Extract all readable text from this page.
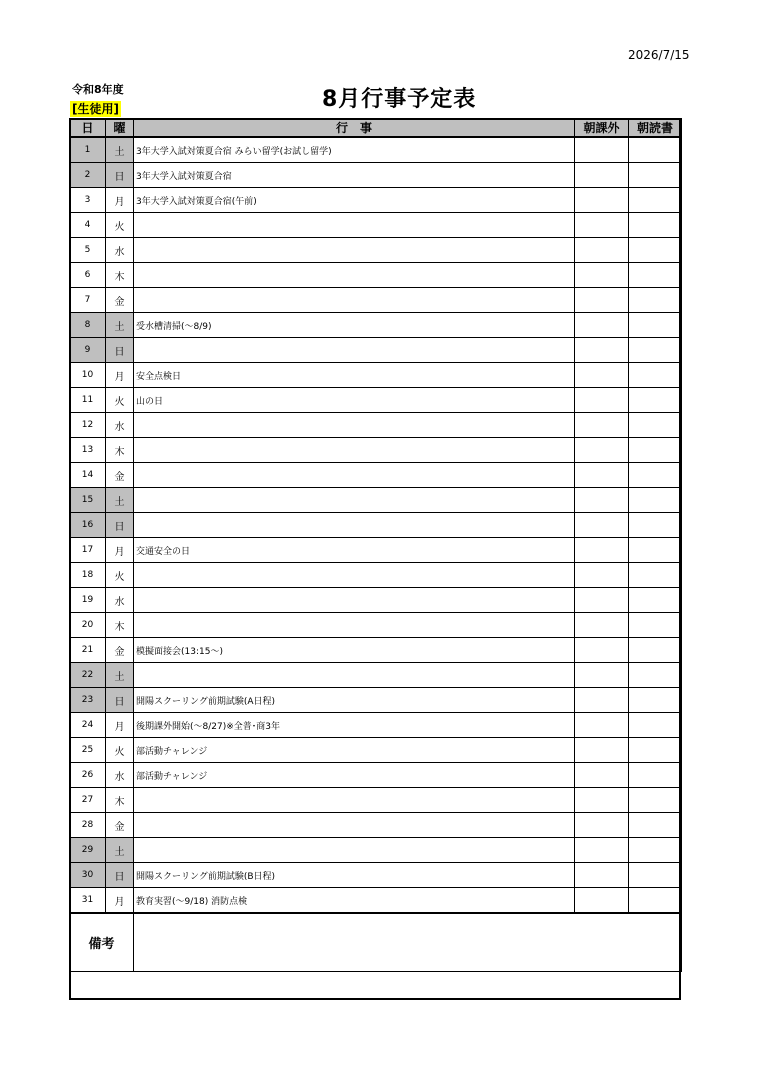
2026/7/15
令和8年度
[生徒用]	8月行事予定表
日	曜	行　事	朝課外	朝読書
1	土	3年大学入試対策夏合宿 みらい留学(お試し留学)		
2	日	3年大学入試対策夏合宿		
3	月	3年大学入試対策夏合宿(午前)		
4	火			
5	水			
6	木			
7	金			
8	土	受水槽清掃(～8/9)		
9	日			
10	月	安全点検日		
11	火	山の日		
12	水			
13	木			
14	金			
15	土			
16	日			
17	月	交通安全の日		
18	火			
19	水			
20	木			
21	金	模擬面接会(13:15～)		
22	土			
23	日	開陽スクーリング前期試験(A日程)		
24	月	後期課外開始(～8/27)※全普･商3年		
25	火	部活動チャレンジ		
26	水	部活動チャレンジ		
27	木			
28	金			
29	土			
30	日	開陽スクーリング前期試験(B日程)		
31	月	教育実習(～9/18) 消防点検		
備考				
